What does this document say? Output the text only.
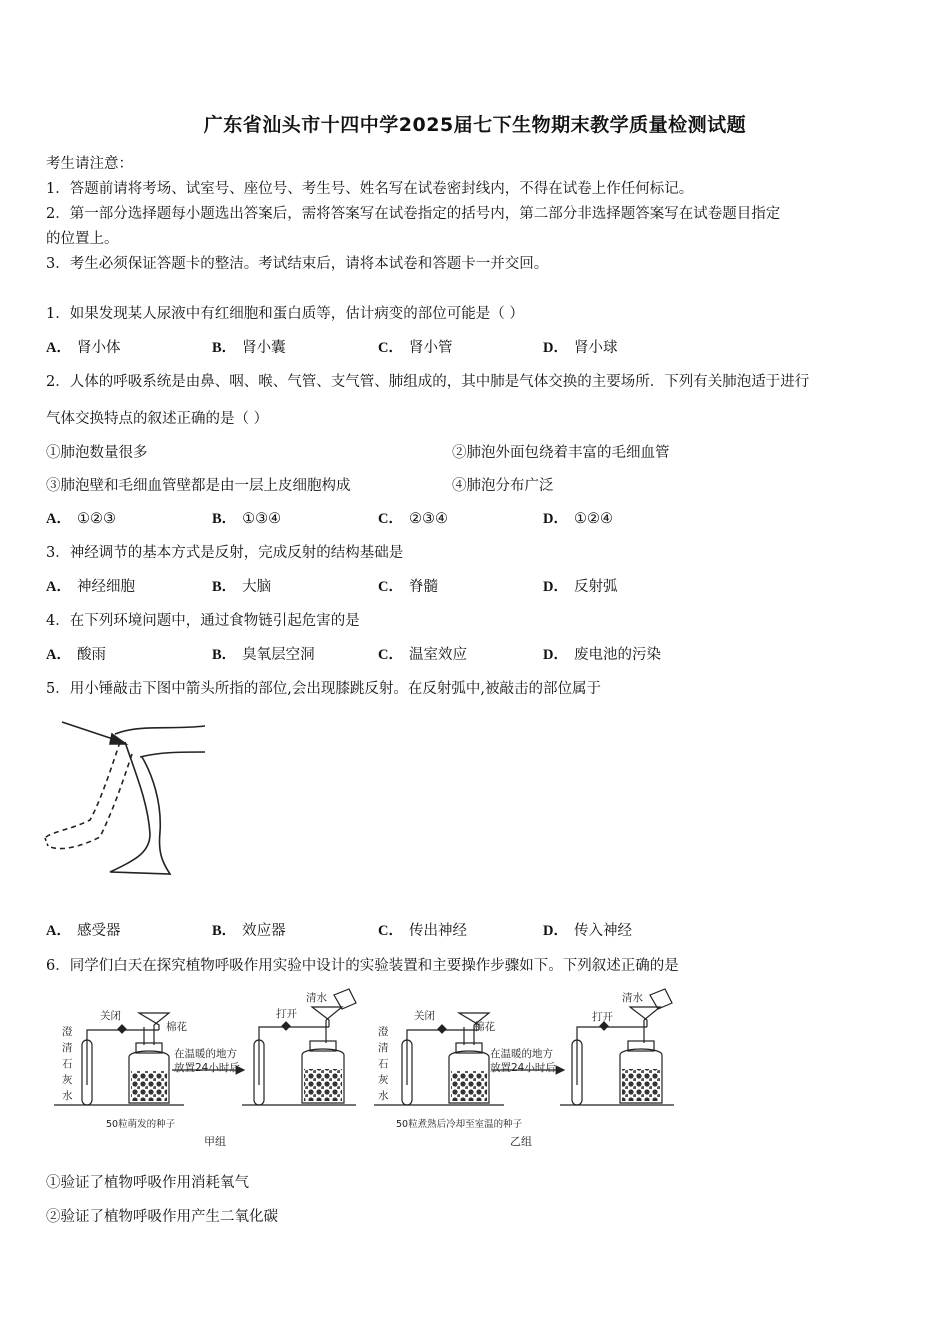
广东省汕头市十四中学2025届七下生物期末教学质量检测试题
考生请注意：
1．答题前请将考场、试室号、座位号、考生号、姓名写在试卷密封线内，不得在试卷上作任何标记。
2．第一部分选择题每小题选出答案后，需将答案写在试卷指定的括号内，第二部分非选择题答案写在试卷题目指定
的位置上。
3．考生必须保证答题卡的整洁。考试结束后，请将本试卷和答题卡一并交回。
1．如果发现某人尿液中有红细胞和蛋白质等，估计病变的部位可能是（ ）
A． 肾小体	B． 肾小囊	C． 肾小管	D． 肾小球
2．人体的呼吸系统是由鼻、咽、喉、气管、支气管、肺组成的，其中肺是气体交换的主要场所．下列有关肺泡适于进行
气体交换特点的叙述正确的是（ ）
①肺泡数量很多	②肺泡外面包绕着丰富的毛细血管
③肺泡壁和毛细血管壁都是由一层上皮细胞构成	④肺泡分布广泛
A． ①②③	B． ①③④	C． ②③④	D． ①②④
3．神经调节的基本方式是反射，完成反射的结构基础是
A． 神经细胞	B． 大脑	C． 脊髓	D． 反射弧
4．在下列环境问题中，通过食物链引起危害的是
A． 酸雨	B． 臭氧层空洞	C． 温室效应	D． 废电池的污染
5．用小锤敲击下图中箭头所指的部位,会出现膝跳反射。在反射弧中,被敲击的部位属于
A． 感受器	B． 效应器	C． 传出神经	D． 传入神经
6．同学们白天在探究植物呼吸作用实验中设计的实验装置和主要操作步骤如下。下列叙述正确的是
澄
清
石
灰
水
关闭
棉花
在温暖的地方
放置24小时后
打开
清水
50粒萌发的种子
甲组
澄
清
石
灰
水
关闭
棉花
在温暖的地方
放置24小时后
打开
清水
50粒煮熟后冷却至室温的种子
乙组
①验证了植物呼吸作用消耗氧气
②验证了植物呼吸作用产生二氧化碳
